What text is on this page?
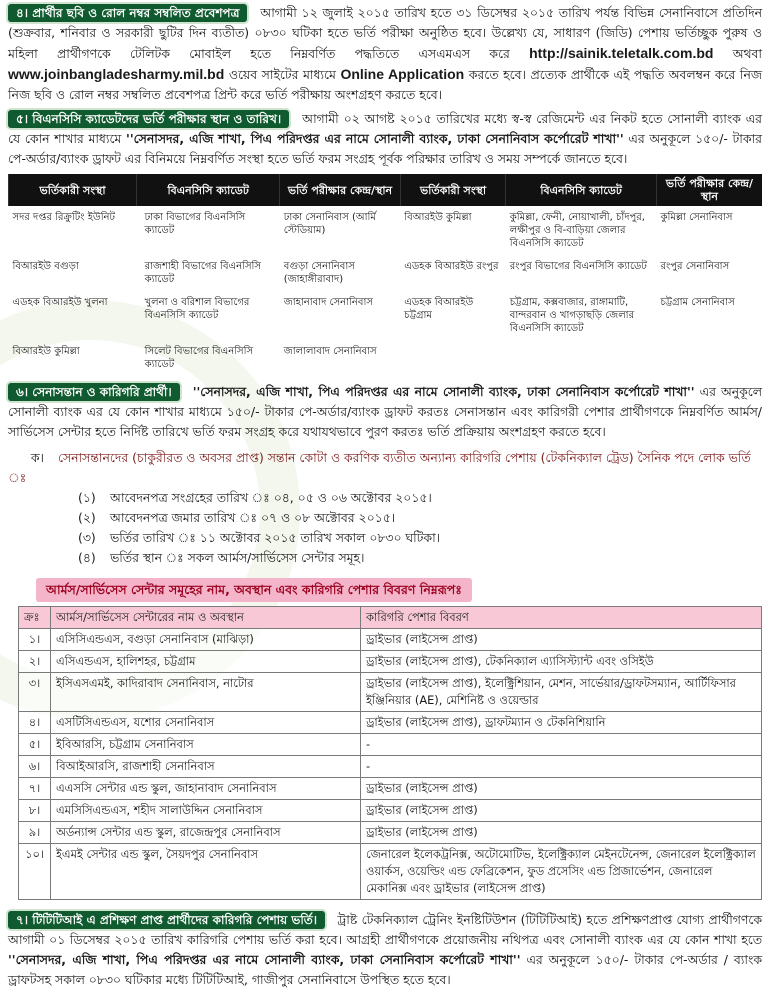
৪। প্রার্থীর ছবি ও রোল নম্বর সম্বলিত প্রবেশপত্র আগামী ১২ জুলাই ২০১৫ তারিখ হতে ৩১ ডিসেম্বর ২০১৫ তারিখ পর্যন্ত বিভিন্ন সেনানিবাসে প্রতিদিন (শুক্রবার, শনিবার ও সরকারী ছুটির দিন ব্যতীত) ০৮৩০ ঘটিকা হতে ভর্তি পরীক্ষা অনুষ্ঠিত হবে। উল্লেখ্য যে, সাধারণ (জিডি) পেশায় ভর্তিচ্ছুক পুরুষ ও মহিলা প্রার্থীগণকে টেলিটক মোবাইল হতে নিম্নবর্ণিত পদ্ধতিতে এসএমএস করে http://sainik.teletalk.com.bd অথবা www.joinbangladesharmy.mil.bd ওয়েব সাইটের মাধ্যমে Online Application করতে হবে। প্রত্যেক প্রার্থীকে এই পদ্ধতি অবলম্বন করে নিজ নিজ ছবি ও রোল নম্বর সম্বলিত প্রবেশপত্র প্রিন্ট করে ভর্তি পরীক্ষায় অংশগ্রহণ করতে হবে।
৫। বিএনসিসি ক্যাডেটদের ভর্তি পরীক্ষার স্থান ও তারিখ। আগামী ০২ আগষ্ট ২০১৫ তারিখের মধ্যে স্ব-স্ব রেজিমেন্ট এর নিকট হতে সোনালী ব্যাংক এর যে কোন শাখার মাধ্যমে ''সেনাসদর, এজি শাখা, পিএ পরিদপ্তর এর নামে সোনালী ব্যাংক, ঢাকা সেনানিবাস কর্পোরেট শাখা'' এর অনুকূলে ১৫০/- টাকার পে-অর্ডার/ব্যাংক ড্রাফট এর বিনিময়ে নিম্নবর্ণিত সংস্থা হতে ভর্তি ফরম সংগ্রহ পূর্বক পরিক্ষার তারিখ ও সময় সম্পর্কে জানতে হবে।
ভর্তিকারী সংস্থা	বিএনসিসি ক্যাডেট	ভর্তি পরীক্ষার কেন্দ্র/স্থান	ভর্তিকারী সংস্থা	বিএনসিসি ক্যাডেট	ভর্তি পরীক্ষার কেন্দ্র/স্থান
সদর দপ্তর রিক্রুটিং ইউনিট	ঢাকা বিভাগের বিএনসিসি ক্যাডেট	ঢাকা সেনানিবাস (আর্মি স্টেডিয়াম)	বিআরইউ কুমিল্লা	কুমিল্লা, ফেনী, নোয়াখালী, চাঁদপুর, লক্ষীপুর ও বি-বাড়িয়া জেলার বিএনসিসি ক্যাডেট	কুমিল্লা সেনানিবাস
বিআরইউ বগুড়া	রাজশাহী বিভাগের বিএনসিসি ক্যাডেট	বগুড়া সেনানিবাস (জাহাঙ্গীরাবাদ)	এডহক বিআরইউ রংপুর	রংপুর বিভাগের বিএনসিসি ক্যাডেট	রংপুর সেনানিবাস
এডহক বিআরইউ খুলনা	খুলনা ও বরিশাল বিভাগের বিএনসিসি ক্যাডেট	জাহানাবাদ সেনানিবাস	এডহক বিআরইউ চট্টগ্রাম	চট্টগ্রাম, কক্সবাজার, রাঙ্গামাটি, বান্দরবান ও খাগড়াছড়ি জেলার বিএনসিসি ক্যাডেট	চট্টগ্রাম সেনানিবাস
বিআরইউ কুমিল্লা	সিলেট বিভাগের বিএনসিসি ক্যাডেট	জালালাবাদ সেনানিবাস			
৬। সেনাসন্তান ও কারিগরি প্রার্থী। ''সেনাসদর, এজি শাখা, পিএ পরিদপ্তর এর নামে সোনালী ব্যাংক, ঢাকা সেনানিবাস কর্পোরেট শাখা'' এর অনুকূলে সোনালী ব্যাংক এর যে কোন শাখার মাধ্যমে ১৫০/- টাকার পে-অর্ডার/ব্যাংক ড্রাফট করতঃ সেনাসন্তান এবং কারিগরী পেশার প্রার্থীগণকে নিম্নবর্ণিত আর্মস/সার্ভিসেস সেন্টার হতে নির্দিষ্ট তারিখে ভর্তি ফরম সংগ্রহ করে যথাযথভাবে পুরণ করতঃ ভর্তি প্রক্রিয়ায় অংশগ্রহণ করতে হবে।
ক। সেনাসন্তানদের (চাকুরীরত ও অবসর প্রাপ্ত) সন্তান কোটা ও করণিক ব্যতীত অন্যান্য কারিগরি পেশায় (টেকনিক্যাল ট্রেড) সৈনিক পদে লোক ভর্তি ঃ
(১) আবেদনপত্র সংগ্রহের তারিখ ঃ ০৪, ০৫ ও ০৬ অক্টোবর ২০১৫।
(২) আবেদনপত্র জমার তারিখ ঃ ০৭ ও ০৮ অক্টোবর ২০১৫।
(৩) ভর্তির তারিখ ঃ ১১ অক্টোবর ২০১৫ তারিখ সকাল ০৮৩০ ঘটিকা।
(৪) ভর্তির স্থান ঃ সকল আর্মস/সার্ভিসেস সেন্টার সমূহ।
আর্মস/সার্ভিসেস সেন্টার সমূহের নাম, অবস্থান এবং কারিগরি পেশার বিবরণ নিম্নরূপঃ
ক্রঃ	আর্মস/সার্ভিসেস সেন্টারের নাম ও অবস্থান	কারিগরি পেশার বিবরণ
১।	এসিসিএন্ডএস, বগুড়া সেনানিবাস (মাঝিড়া)	ড্রাইভার (লাইসেন্স প্রাপ্ত)
২।	এসিএন্ডএস, হালিশহর, চট্টগ্রাম	ড্রাইভার (লাইসেন্স প্রাপ্ত), টেকনিক্যাল এ্যাসিস্ট্যান্ট এবং ওসিইউ
৩।	ইসিএসএমই, কাদিরাবাদ সেনানিবাস, নাটোর	ড্রাইভার (লাইসেন্স প্রাপ্ত), ইলেক্ট্রিশিয়ান, মেশন, সার্ভেয়ার/ড্রাফটসম্যান, আর্টিফিসার ইঞ্জিনিয়ার (AE), মেশিনিষ্ট ও ওয়েল্ডার
৪।	এসটিসিএন্ডএস, যশোর সেনানিবাস	ড্রাইভার (লাইসেন্স প্রাপ্ত), ড্রাফটম্যান ও টেকনিশিয়ানি
৫।	ইবিআরসি, চট্টগ্রাম সেনানিবাস	-
৬।	বিআইআরসি, রাজশাহী সেনানিবাস	-
৭।	এএসসি সেন্টার এন্ড স্কুল, জাহানাবাদ সেনানিবাস	ড্রাইভার (লাইসেন্স প্রাপ্ত)
৮।	এমসিসিএন্ডএস, শহীদ সালাউদ্দিন সেনানিবাস	ড্রাইভার (লাইসেন্স প্রাপ্ত)
৯।	অর্ডন্যান্স সেন্টার এন্ড স্কুল, রাজেন্দ্রপুর সেনানিবাস	ড্রাইভার (লাইসেন্স প্রাপ্ত)
১০।	ইএমই সেন্টার এন্ড স্কুল, সৈয়দপুর সেনানিবাস	জেনারেল ইলেকট্রনিক্স, অটোমোটিভ, ইলেক্ট্রিক্যাল মেইনটেনেন্স, জেনারেল ইলেক্ট্রিক্যাল ওয়ার্কস, ওয়েল্ডিং এন্ড ফেব্রিকেশন, ফুড প্রসেসিং এন্ড প্রিজার্ভেশন, জেনারেল মেকানিক্স এবং ড্রাইভার (লাইসেন্স প্রাপ্ত)
৭। টিটিটিআই এ প্রশিক্ষণ প্রাপ্ত প্রার্থীদের কারিগরি পেশায় ভর্তি। ট্রাষ্ট টেকনিক্যাল ট্রেনিং ইনষ্টিটিউশন (টিটিটিআই) হতে প্রশিক্ষণপ্রাপ্ত যোগ্য প্রার্থীগণকে আগামী ০১ ডিসেম্বর ২০১৫ তারিখ কারিগরি পেশায় ভর্তি করা হবে। আগ্রহী প্রার্থীগণকে প্রয়োজনীয় নথিপত্র এবং সোনালী ব্যাংক এর যে কোন শাখা হতে ''সেনাসদর, এজি শাখা, পিএ পরিদপ্তর এর নামে সোনালী ব্যাংক, ঢাকা সেনানিবাস কর্পোরেট শাখা'' এর অনুকূলে ১৫০/- টাকার পে-অর্ডার / ব্যাংক ড্রাফটসহ সকাল ০৮৩০ ঘটিকার মধ্যে টিটিটিআই, গাজীপুর সেনানিবাসে উপস্থিত হতে হবে।
